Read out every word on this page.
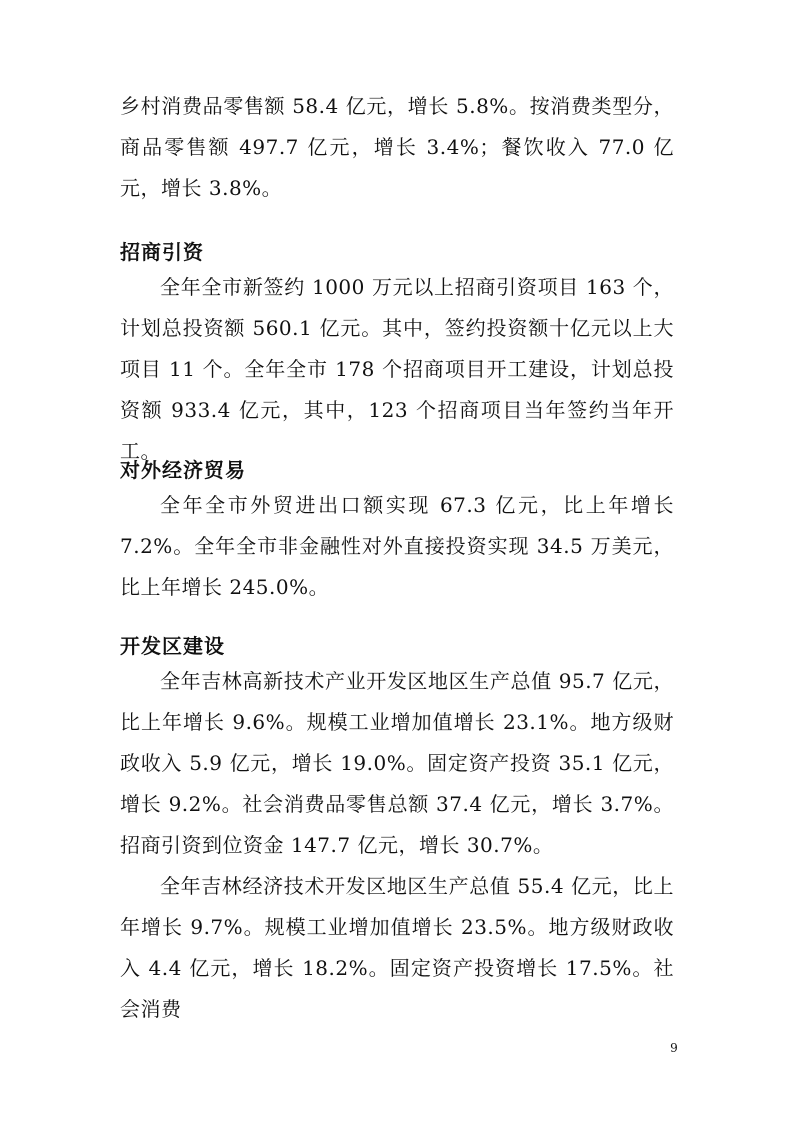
乡村消费品零售额 58.4 亿元，增长 5.8%。按消费类型分，商品零售额 497.7 亿元，增长 3.4%；餐饮收入 77.0 亿元，增长 3.8%。

招商引资

全年全市新签约 1000 万元以上招商引资项目 163 个，计划总投资额 560.1 亿元。其中，签约投资额十亿元以上大项目 11 个。全年全市 178 个招商项目开工建设，计划总投资额 933.4 亿元，其中，123 个招商项目当年签约当年开工。

对外经济贸易

全年全市外贸进出口额实现 67.3 亿元，比上年增长 7.2%。全年全市非金融性对外直接投资实现 34.5 万美元，比上年增长 245.0%。

开发区建设

全年吉林高新技术产业开发区地区生产总值 95.7 亿元，比上年增长 9.6%。规模工业增加值增长 23.1%。地方级财政收入 5.9 亿元，增长 19.0%。固定资产投资 35.1 亿元，增长 9.2%。社会消费品零售总额 37.4 亿元，增长 3.7%。招商引资到位资金 147.7 亿元，增长 30.7%。

全年吉林经济技术开发区地区生产总值 55.4 亿元，比上年增长 9.7%。规模工业增加值增长 23.5%。地方级财政收入 4.4 亿元，增长 18.2%。固定资产投资增长 17.5%。社会消费

9
